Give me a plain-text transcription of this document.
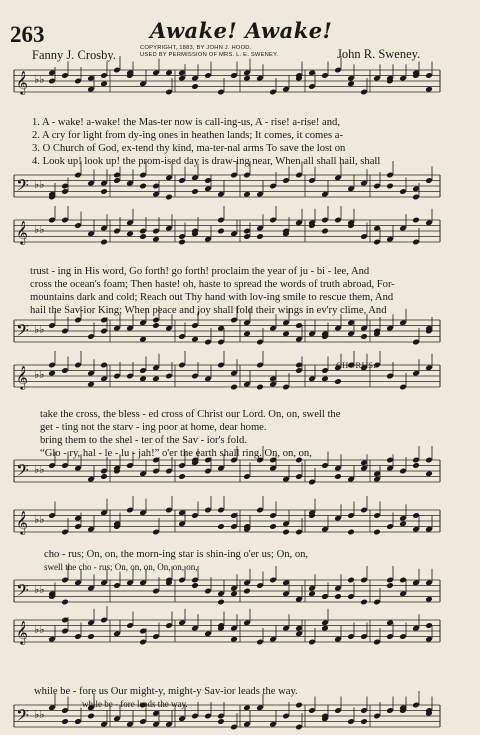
263	Awake! Awake!
Fanny J. Crosby.	COPYRIGHT, 1883, BY JOHN J. HOOD.
USED BY PERMISSION OF MRS. L. E. SWENEY.	John R. Sweney.
𝄞 ♭♭
𝄢 ♭♭
𝄞 ♭♭
𝄢 ♭♭
𝄞 ♭♭
𝄢 ♭♭
𝄞 ♭♭
𝄢 ♭♭
𝄞 ♭♭
𝄢 ♭♭
1. A - wake! a-wake! the Mas-ter now is call-ing-us, A - rise! a-rise! and,
2. A cry for light from dy-ing ones in heathen lands; It comes, it comes a-
3. O Church of God, ex-tend thy kind, ma-ter-nal arms To save the lost on
4. Look up! look up! the prom-ised day is draw-ing near, When all shall hail, shall
trust - ing in His word, Go forth! go forth! proclaim the year of ju - bi - lee, And
cross the ocean's foam; Then haste! oh, haste to spread the words of truth abroad, For-
mountains dark and cold; Reach out Thy hand with lov-ing smile to rescue them, And
hail the Sav-ior King; When peace and joy shall fold their wings in ev'ry clime, And
CHORUS.
take the cross, the bless - ed cross of Christ our Lord. On, on, swell the
get - ting not the starv - ing poor at home, dear home.
bring them to the shel - ter of the Sav - ior's fold.
“Glo - ry, hal - le - lu - jah!” o'er the earth shall ring. On, on, on,
cho - rus; On, on, the morn-ing star is shin-ing o'er us; On, on,
swell the cho - rus; On, on, on, On, on, on,
while be - fore us Our might-y, might-y Sav-ior leads the way.
while be - fore leads the way.
